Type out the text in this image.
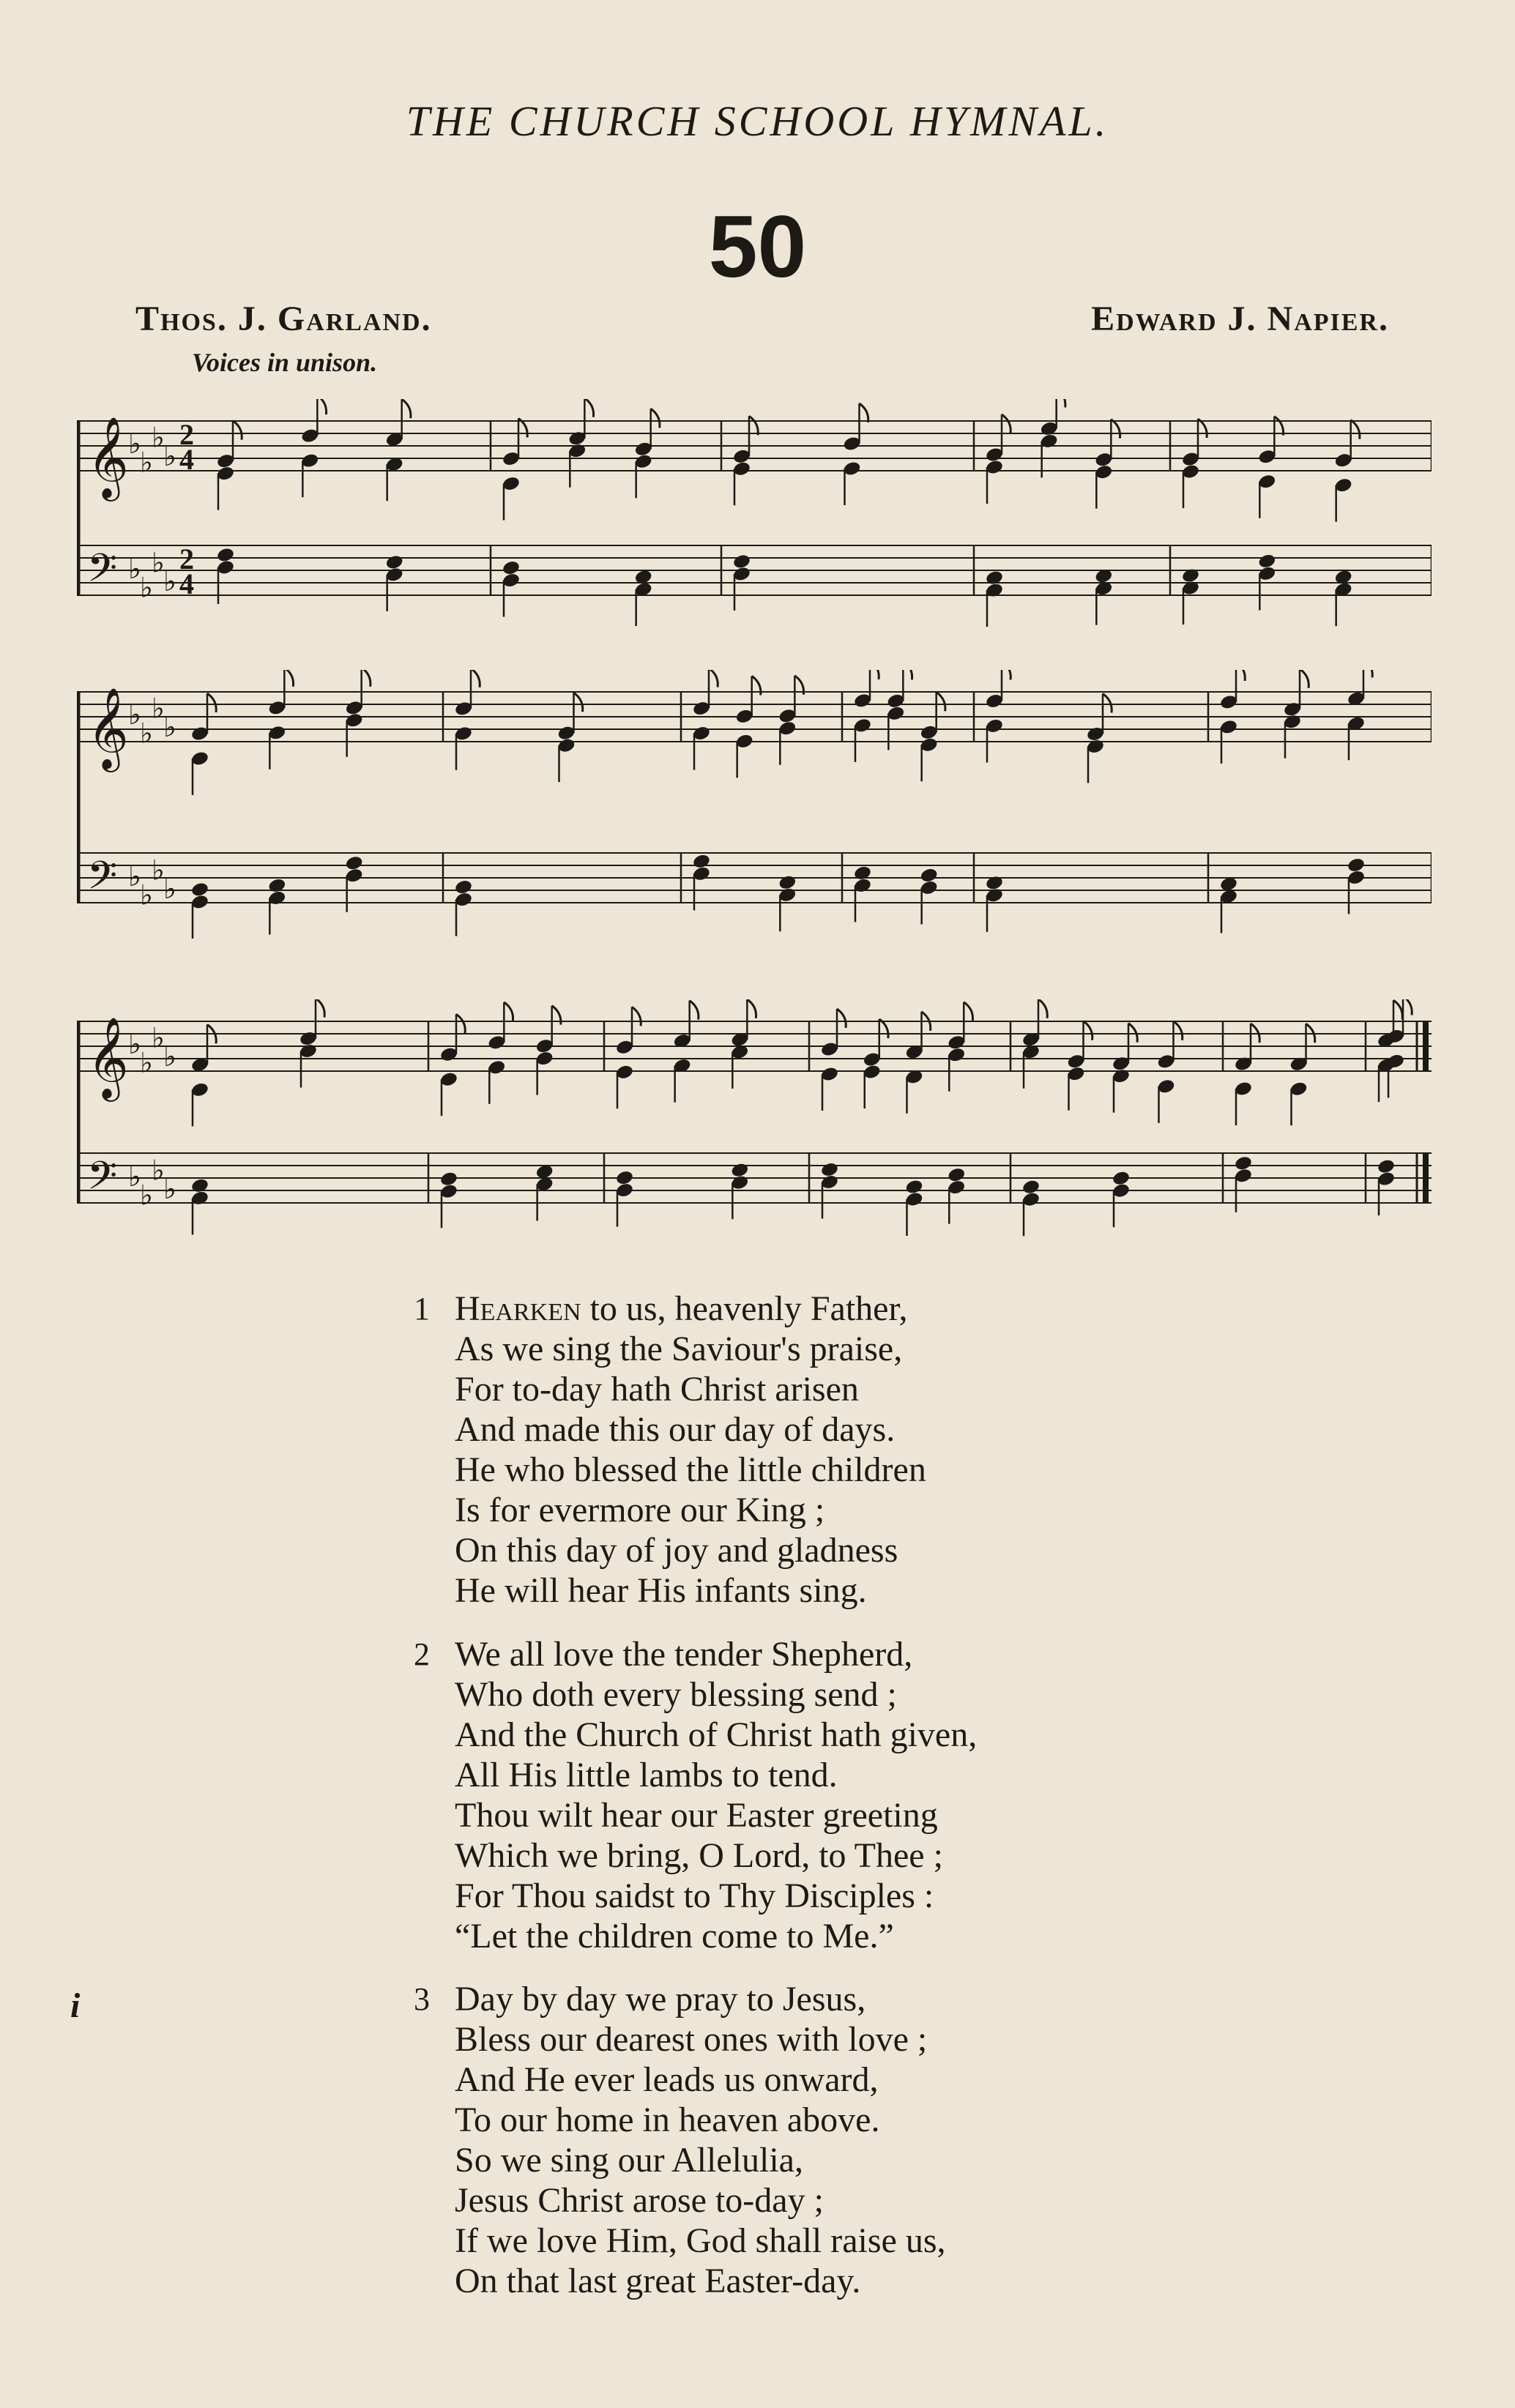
THE CHURCH SCHOOL HYMNAL.
50
Thos. J. Garland.	Edward J. Napier.
Voices in unison.
𝄞
𝄢
♭
♭
♭
♭
♭
♭
♭
♭
2
4
2
4
𝄞
𝄢
♭
♭
♭
♭
♭
♭
♭
♭
𝄞
𝄢
♭
♭
♭
♭
♭
♭
♭
♭
1 Hearken to us, heavenly Father,
As we sing the Saviour's praise,
For to-day hath Christ arisen
And made this our day of days.
He who blessed the little children
Is for evermore our King ;
On this day of joy and gladness
He will hear His infants sing.
2 We all love the tender Shepherd,
Who doth every blessing send ;
And the Church of Christ hath given,
All His little lambs to tend.
Thou wilt hear our Easter greeting
Which we bring, O Lord, to Thee ;
For Thou saidst to Thy Disciples :
“Let the children come to Me.”
3 Day by day we pray to Jesus,
Bless our dearest ones with love ;
And He ever leads us onward,
To our home in heaven above.
So we sing our Allelulia,
Jesus Christ arose to-day ;
If we love Him, God shall raise us,
On that last great Easter-day.
i
